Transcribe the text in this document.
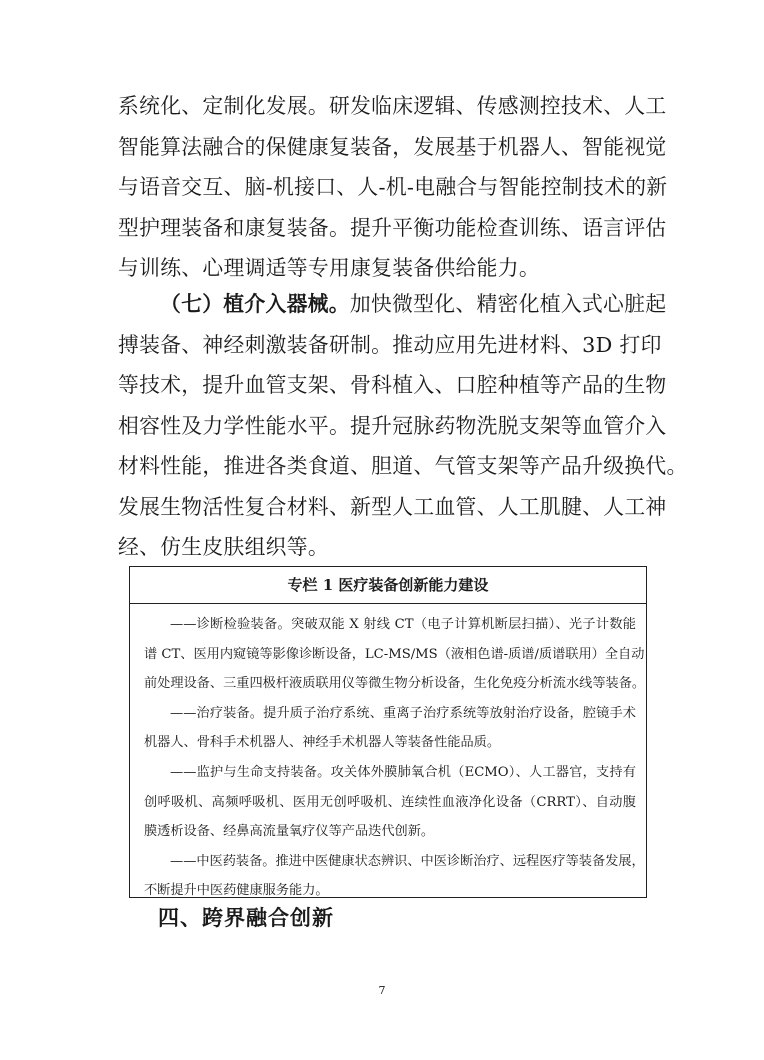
系统化、定制化发展。研发临床逻辑、传感测控技术、人工
智能算法融合的保健康复装备，发展基于机器人、智能视觉
与语音交互、脑-机接口、人-机-电融合与智能控制技术的新
型护理装备和康复装备。提升平衡功能检查训练、语言评估
与训练、心理调适等专用康复装备供给能力。
（七）植介入器械。加快微型化、精密化植入式心脏起
搏装备、神经刺激装备研制。推动应用先进材料、3D 打印
等技术，提升血管支架、骨科植入、口腔种植等产品的生物
相容性及力学性能水平。提升冠脉药物洗脱支架等血管介入
材料性能，推进各类食道、胆道、气管支架等产品升级换代。
发展生物活性复合材料、新型人工血管、人工肌腱、人工神
经、仿生皮肤组织等。
专栏 1 医疗装备创新能力建设
——诊断检验装备。突破双能 X 射线 CT（电子计算机断层扫描）、光子计数能
谱 CT、医用内窥镜等影像诊断设备，LC-MS/MS（液相色谱-质谱/质谱联用）全自动
前处理设备、三重四极杆液质联用仪等微生物分析设备，生化免疫分析流水线等装备。
——治疗装备。提升质子治疗系统、重离子治疗系统等放射治疗设备，腔镜手术
机器人、骨科手术机器人、神经手术机器人等装备性能品质。
——监护与生命支持装备。攻关体外膜肺氧合机（ECMO）、人工器官，支持有
创呼吸机、高频呼吸机、医用无创呼吸机、连续性血液净化设备（CRRT）、自动腹
膜透析设备、经鼻高流量氧疗仪等产品迭代创新。
——中医药装备。推进中医健康状态辨识、中医诊断治疗、远程医疗等装备发展，
不断提升中医药健康服务能力。
四、跨界融合创新
7
